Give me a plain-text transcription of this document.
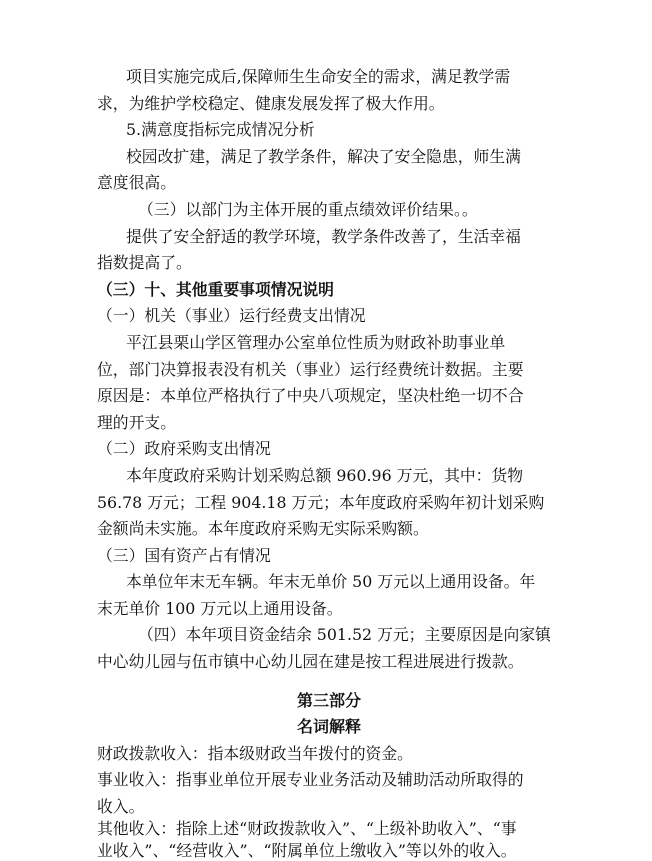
项目实施完成后,保障师生生命安全的需求，满足教学需
求，为维护学校稳定、健康发展发挥了极大作用。
5.满意度指标完成情况分析
校园改扩建，满足了教学条件，解决了安全隐患，师生满
意度很高。
（三）以部门为主体开展的重点绩效评价结果。。
提供了安全舒适的教学环境，教学条件改善了，生活幸福
指数提高了。
（三）十、其他重要事项情况说明
（一）机关（事业）运行经费支出情况
平江县栗山学区管理办公室单位性质为财政补助事业单
位，部门决算报表没有机关（事业）运行经费统计数据。主要
原因是：本单位严格执行了中央八项规定，坚决杜绝一切不合
理的开支。
（二）政府采购支出情况
本年度政府采购计划采购总额 960.96 万元，其中：货物
56.78 万元；工程 904.18 万元；本年度政府采购年初计划采购
金额尚未实施。本年度政府采购无实际采购额。
（三）国有资产占有情况
本单位年末无车辆。年末无单价 50 万元以上通用设备。年
末无单价 100 万元以上通用设备。
（四）本年项目资金结余 501.52 万元；主要原因是向家镇
中心幼儿园与伍市镇中心幼儿园在建是按工程进展进行拨款。
第三部分
名词解释
财政拨款收入：指本级财政当年拨付的资金。
事业收入：指事业单位开展专业业务活动及辅助活动所取得的
收入。
其他收入：指除上述“财政拨款收入”、“上级补助收入”、“事
业收入”、“经营收入”、“附属单位上缴收入”等以外的收入。
